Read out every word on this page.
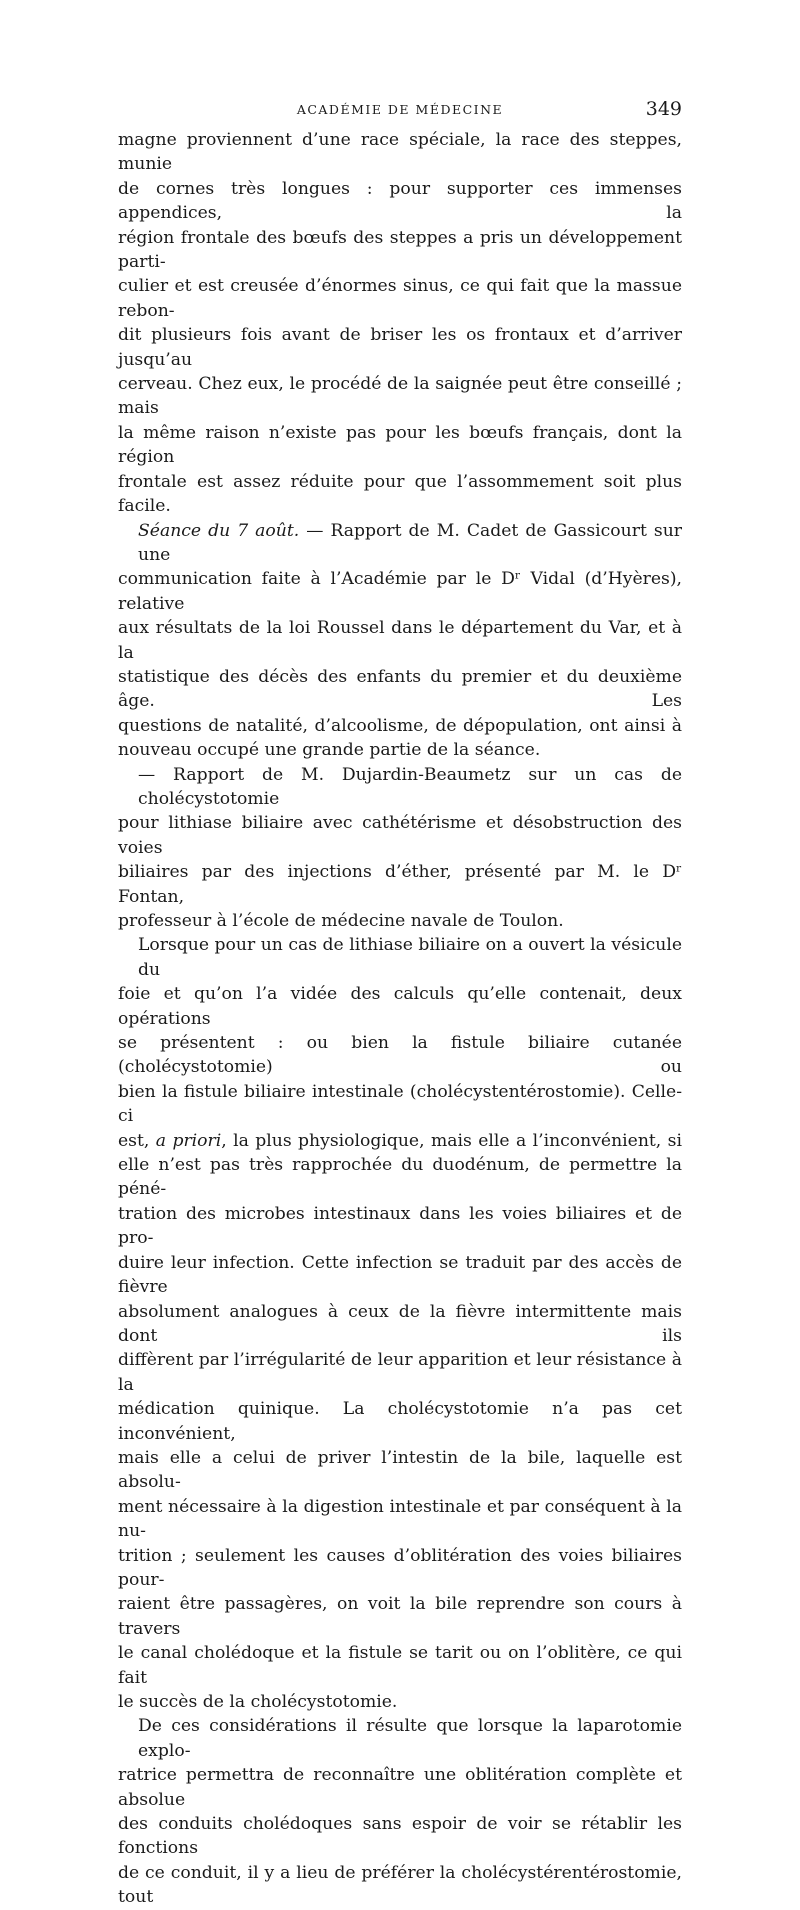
ACADÉMIE DE MÉDECINE	349
magne proviennent d’une race spéciale, la race des steppes, munie
de cornes très longues : pour supporter ces immenses appendices, la
région frontale des bœufs des steppes a pris un développement parti-
culier et est creusée d’énormes sinus, ce qui fait que la massue rebon-
dit plusieurs fois avant de briser les os frontaux et d’arriver jusqu’au
cerveau. Chez eux, le procédé de la saignée peut être conseillé ; mais
la même raison n’existe pas pour les bœufs français, dont la région
frontale est assez réduite pour que l’assommement soit plus
facile.
Séance du 7 août. — Rapport de M. Cadet de Gassicourt sur une
communication faite à l’Académie par le Dʳ Vidal (d’Hyères), relative
aux résultats de la loi Roussel dans le département du Var, et à la
statistique des décès des enfants du premier et du deuxième âge. Les
questions de natalité, d’alcoolisme, de dépopulation, ont ainsi à
nouveau occupé une grande partie de la séance.
— Rapport de M. Dujardin-Beaumetz sur un cas de cholécystotomie
pour lithiase biliaire avec cathétérisme et désobstruction des voies
biliaires par des injections d’éther, présenté par M. le Dʳ Fontan,
professeur à l’école de médecine navale de Toulon.
Lorsque pour un cas de lithiase biliaire on a ouvert la vésicule du
foie et qu’on l’a vidée des calculs qu’elle contenait, deux opérations
se présentent : ou bien la fistule biliaire cutanée (cholécystotomie) ou
bien la fistule biliaire intestinale (cholécystentérostomie). Celle-ci
est, a priori, la plus physiologique, mais elle a l’inconvénient, si
elle n’est pas très rapprochée du duodénum, de permettre la péné-
tration des microbes intestinaux dans les voies biliaires et de pro-
duire leur infection. Cette infection se traduit par des accès de fièvre
absolument analogues à ceux de la fièvre intermittente mais dont ils
diffèrent par l’irrégularité de leur apparition et leur résistance à la
médication quinique. La cholécystotomie n’a pas cet inconvénient,
mais elle a celui de priver l’intestin de la bile, laquelle est absolu-
ment nécessaire à la digestion intestinale et par conséquent à la nu-
trition ; seulement les causes d’oblitération des voies biliaires pour-
raient être passagères, on voit la bile reprendre son cours à travers
le canal cholédoque et la fistule se tarit ou on l’oblitère, ce qui fait
le succès de la cholécystotomie.
De ces considérations il résulte que lorsque la laparotomie explo-
ratrice permettra de reconnaître une oblitération complète et absolue
des conduits cholédoques sans espoir de voir se rétablir les fonctions
de ce conduit, il y a lieu de préférer la cholécystérentérostomie, tout
